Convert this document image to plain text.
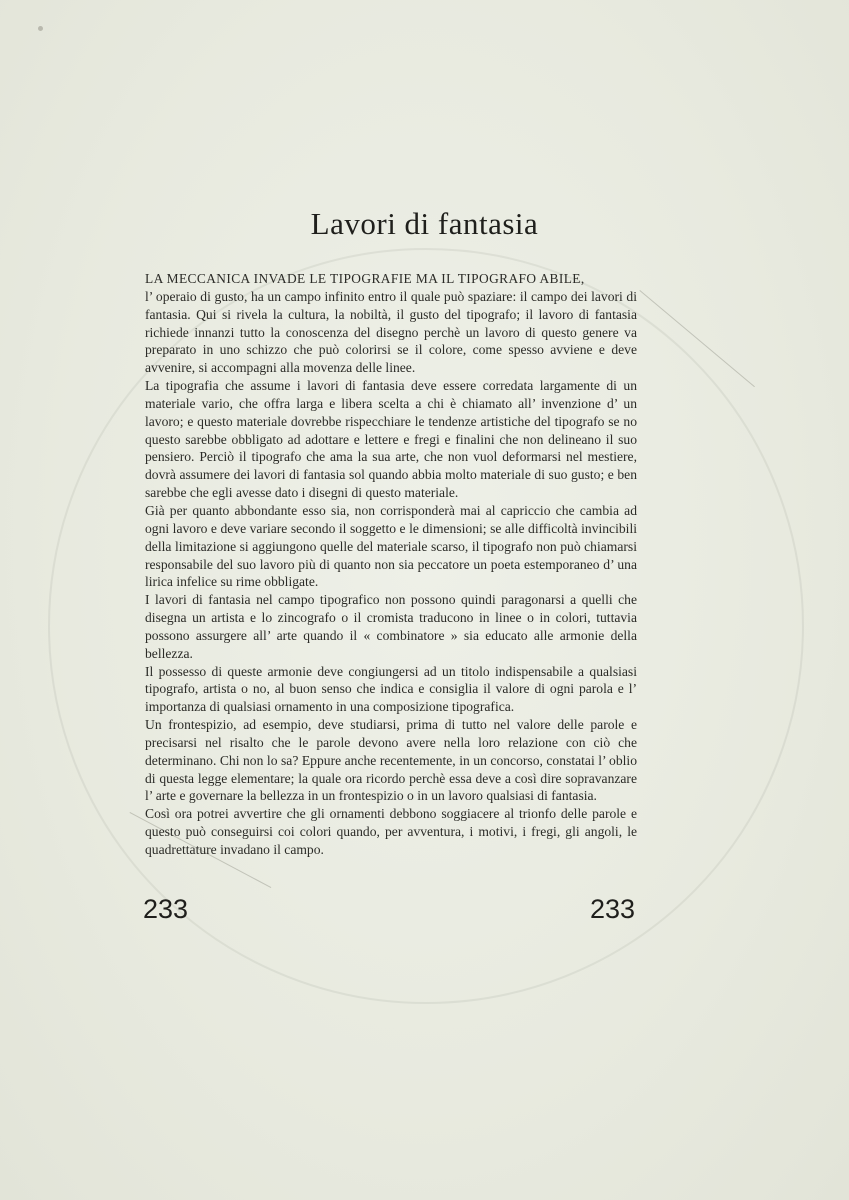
Lavori di fantasia

LA MECCANICA INVADE LE TIPOGRAFIE MA IL TIPOGRAFO ABILE,
l’ operaio di gusto, ha un campo infinito entro il quale può spaziare: il campo dei lavori di fantasia. Qui si rivela la cultura, la nobiltà, il gusto del tipografo; il lavoro di fantasia richiede innanzi tutto la conoscenza del disegno perchè un lavoro di questo genere va preparato in uno schizzo che può colorirsi se il colore, come spesso avviene e deve avvenire, si accompagni alla movenza delle linee.

La tipografia che assume i lavori di fantasia deve essere corredata largamente di un materiale vario, che offra larga e libera scelta a chi è chiamato all’ invenzione d’ un lavoro; e questo materiale dovrebbe rispecchiare le tendenze artistiche del tipografo se no questo sarebbe obbligato ad adottare e lettere e fregi e finalini che non delineano il suo pensiero. Perciò il tipografo che ama la sua arte, che non vuol deformarsi nel mestiere, dovrà assumere dei lavori di fantasia sol quando abbia molto materiale di suo gusto; e ben sarebbe che egli avesse dato i disegni di questo materiale.

Già per quanto abbondante esso sia, non corrisponderà mai al capriccio che cambia ad ogni lavoro e deve variare secondo il soggetto e le dimensioni; se alle difficoltà invincibili della limitazione si aggiungono quelle del materiale scarso, il tipografo non può chiamarsi responsabile del suo lavoro più di quanto non sia peccatore un poeta estemporaneo d’ una lirica infelice su rime obbligate.

I lavori di fantasia nel campo tipografico non possono quindi paragonarsi a quelli che disegna un artista e lo zincografo o il cromista traducono in linee o in colori, tuttavia possono assurgere all’ arte quando il « combinatore » sia educato alle armonie della bellezza.

Il possesso di queste armonie deve congiungersi ad un titolo indispensabile a qualsiasi tipografo, artista o no, al buon senso che indica e consiglia il valore di ogni parola e l’ importanza di qualsiasi ornamento in una composizione tipografica.

Un frontespizio, ad esempio, deve studiarsi, prima di tutto nel valore delle parole e precisarsi nel risalto che le parole devono avere nella loro relazione con ciò che determinano. Chi non lo sa? Eppure anche recentemente, in un concorso, constatai l’ oblio di questa legge elementare; la quale ora ricordo perchè essa deve a così dire sopravanzare l’ arte e governare la bellezza in un frontespizio o in un lavoro qualsiasi di fantasia.

Così ora potrei avvertire che gli ornamenti debbono soggiacere al trionfo delle parole e questo può conseguirsi coi colori quando, per avventura, i motivi, i fregi, gli angoli, le quadrettature invadano il campo.

233	233
